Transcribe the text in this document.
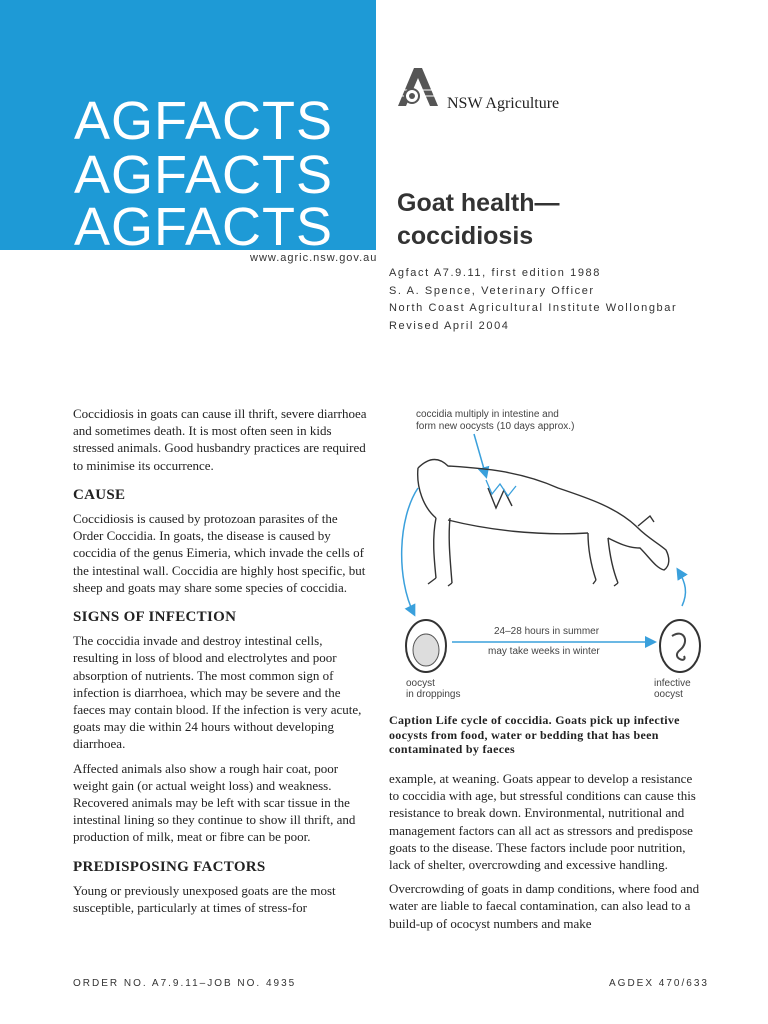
AGFACTS
AGFACTS
AGFACTS
www.agric.nsw.gov.au
NSW Agriculture
Goat health—
coccidiosis
Agfact A7.9.11, first edition 1988
S. A. Spence, Veterinary Officer
North Coast Agricultural Institute Wollongbar
Revised April 2004

Coccidiosis in goats can cause ill thrift, severe diarrhoea and sometimes death. It is most often seen in kids stressed animals. Good husbandry practices are required to minimise its occurrence.

CAUSE

Coccidiosis is caused by protozoan parasites of the Order Coccidia. In goats, the disease is caused by coccidia of the genus Eimeria, which invade the cells of the intestinal wall. Coccidia are highly host specific, but sheep and goats may share some species of coccidia.

SIGNS OF INFECTION

The coccidia invade and destroy intestinal cells, resulting in loss of blood and electrolytes and poor absorption of nutrients. The most common sign of infection is diarrhoea, which may be severe and the faeces may contain blood. If the infection is very acute, goats may die within 24 hours without developing diarrhoea.

Affected animals also show a rough hair coat, poor weight gain (or actual weight loss) and weakness. Recovered animals may be left with scar tissue in the intestinal lining so they continue to show ill thrift, and production of milk, meat or fibre can be poor.

PREDISPOSING FACTORS

Young or previously unexposed goats are the most susceptible, particularly at times of stress-for

coccidia multiply in intestine and
form new oocysts (10 days approx.)
24–28 hours in summer
may take weeks in winter
oocyst
in droppings
infective
oocyst
Caption Life cycle of coccidia. Goats pick up infective oocysts from food, water or bedding that has been contaminated by faeces

example, at weaning. Goats appear to develop a resistance to coccidia with age, but stressful conditions can cause this resistance to break down. Environmental, nutritional and management factors can all act as stressors and predispose goats to the disease. These factors include poor nutrition, lack of shelter, overcrowding and excessive handling.

Overcrowding of goats in damp conditions, where food and water are liable to faecal contamination, can also lead to a build-up of ococyst numbers and make

ORDER NO. A7.9.11–JOB NO. 4935	AGDEX 470/633
